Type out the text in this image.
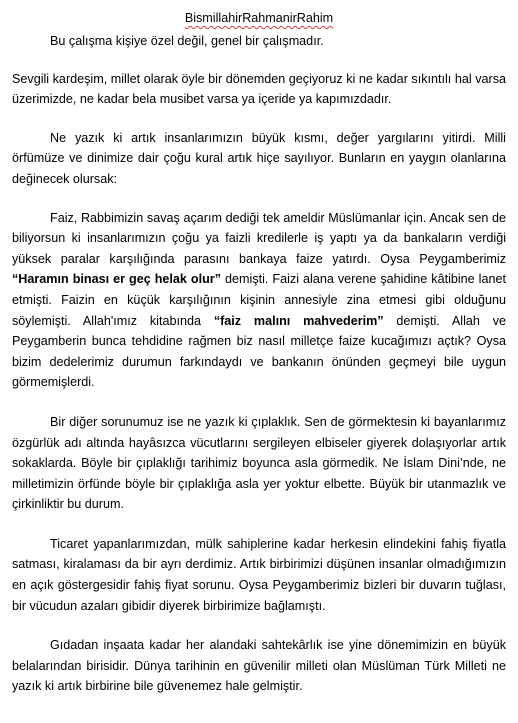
BismillahirRahmanirRahim

Bu çalışma kişiye özel değil, genel bir çalışmadır.

Sevgili kardeşim, millet olarak öyle bir dönemden geçiyoruz ki ne kadar sıkıntılı hal varsa üzerimizde, ne kadar bela musibet varsa ya içeride ya kapımızdadır.

Ne yazık ki artık insanlarımızın büyük kısmı, değer yargılarını yitirdi. Milli örfümüze ve dinimize dair çoğu kural artık hiçe sayılıyor. Bunların en yaygın olanlarına değinecek olursak:

Faiz, Rabbimizin savaş açarım dediği tek ameldir Müslümanlar için. Ancak sen de biliyorsun ki insanlarımızın çoğu ya faizli kredilerle iş yaptı ya da bankaların verdiği yüksek paralar karşılığında parasını bankaya faize yatırdı. Oysa Peygamberimiz “Haramın binası er geç helak olur” demişti. Faizi alana verene şahidine kâtibine lanet etmişti. Faizin en küçük karşılığının kişinin annesiyle zina etmesi gibi olduğunu söylemişti. Allah'ımız kitabında “faiz malını mahvederim” demişti. Allah ve Peygamberin bunca tehdidine rağmen biz nasıl milletçe faize kucağımızı açtık? Oysa bizim dedelerimiz durumun farkındaydı ve bankanın önünden geçmeyi bile uygun görmemişlerdi.

Bir diğer sorunumuz ise ne yazık ki çıplaklık. Sen de görmektesin ki bayanlarımız özgürlük adı altında hayâsızca vücutlarını sergileyen elbiseler giyerek dolaşıyorlar artık sokaklarda. Böyle bir çıplaklığı tarihimiz boyunca asla görmedik. Ne İslam Dini’nde, ne milletimizin örfünde böyle bir çıplaklığa asla yer yoktur elbette. Büyük bir utanmazlık ve çirkinliktir bu durum.

Ticaret yapanlarımızdan, mülk sahiplerine kadar herkesin elindekini fahiş fiyatla satması, kiralaması da bir ayrı derdimiz. Artık birbirimizi düşünen insanlar olmadığımızın en açık göstergesidir fahiş fiyat sorunu. Oysa Peygamberimiz bizleri bir duvarın tuğlası, bir vücudun azaları gibidir diyerek birbirimize bağlamıştı.

Gıdadan inşaata kadar her alandaki sahtekârlık ise yine dönemimizin en büyük belalarından birisidir. Dünya tarihinin en güvenilir milleti olan Müslüman Türk Milleti ne yazık ki artık birbirine bile güvenemez hale gelmiştir.
